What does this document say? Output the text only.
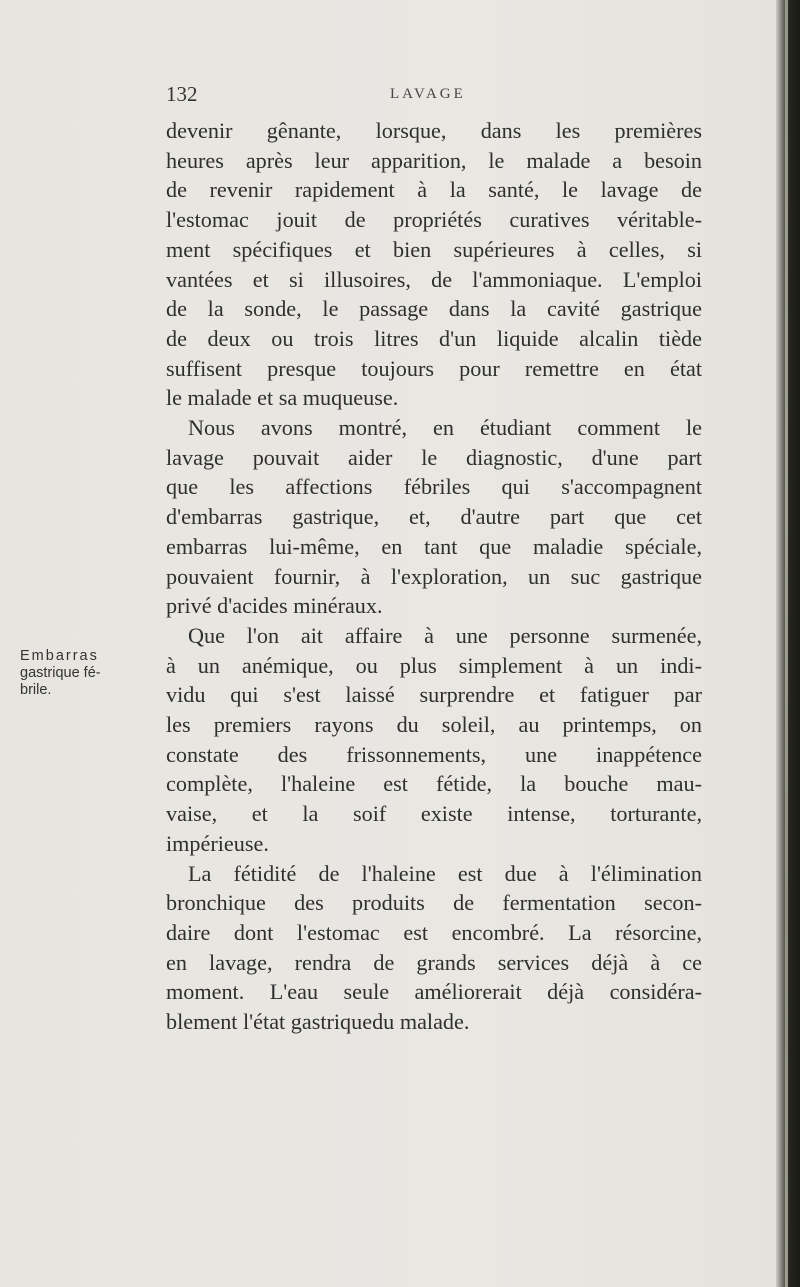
132	LAVAGE
Embarras
gastrique fé-
brile.
devenir gênante, lorsque, dans les premières
heures après leur apparition, le malade a besoin
de revenir rapidement à la santé, le lavage de
l'estomac jouit de propriétés curatives véritable-
ment spécifiques et bien supérieures à celles, si
vantées et si illusoires, de l'ammoniaque. L'emploi
de la sonde, le passage dans la cavité gastrique
de deux ou trois litres d'un liquide alcalin tiède
suffisent presque toujours pour remettre en état
le malade et sa muqueuse.
Nous avons montré, en étudiant comment le
lavage pouvait aider le diagnostic, d'une part
que les affections fébriles qui s'accompagnent
d'embarras gastrique, et, d'autre part que cet
embarras lui-même, en tant que maladie spéciale,
pouvaient fournir, à l'exploration, un suc gastrique
privé d'acides minéraux.
Que l'on ait affaire à une personne surmenée,
à un anémique, ou plus simplement à un indi-
vidu qui s'est laissé surprendre et fatiguer par
les premiers rayons du soleil, au printemps, on
constate des frissonnements, une inappétence
complète, l'haleine est fétide, la bouche mau-
vaise, et la soif existe intense, torturante,
impérieuse.
La fétidité de l'haleine est due à l'élimination
bronchique des produits de fermentation secon-
daire dont l'estomac est encombré. La résorcine,
en lavage, rendra de grands services déjà à ce
moment. L'eau seule améliorerait déjà considéra-
blement l'état gastriquedu malade.
